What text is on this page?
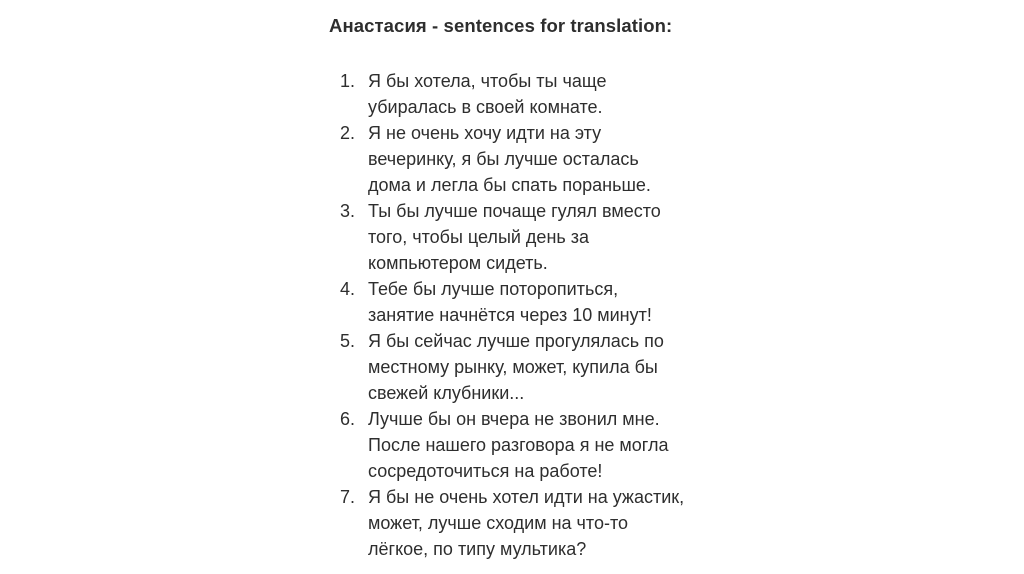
Анастасия - sentences for translation:
1. Я бы хотела, чтобы ты чаще
убиралась в своей комнате.
2. Я не очень хочу идти на эту
вечеринку, я бы лучше осталась
дома и легла бы спать пораньше.
3. Ты бы лучше почаще гулял вместо
того, чтобы целый день за
компьютером сидеть.
4. Тебе бы лучше поторопиться,
занятие начнётся через 10 минут!
5. Я бы сейчас лучше прогулялась по
местному рынку, может, купила бы
свежей клубники...
6. Лучше бы он вчера не звонил мне.
После нашего разговора я не могла
сосредоточиться на работе!
7. Я бы не очень хотел идти на ужастик,
может, лучше сходим на что-то
лёгкое, по типу мультика?
